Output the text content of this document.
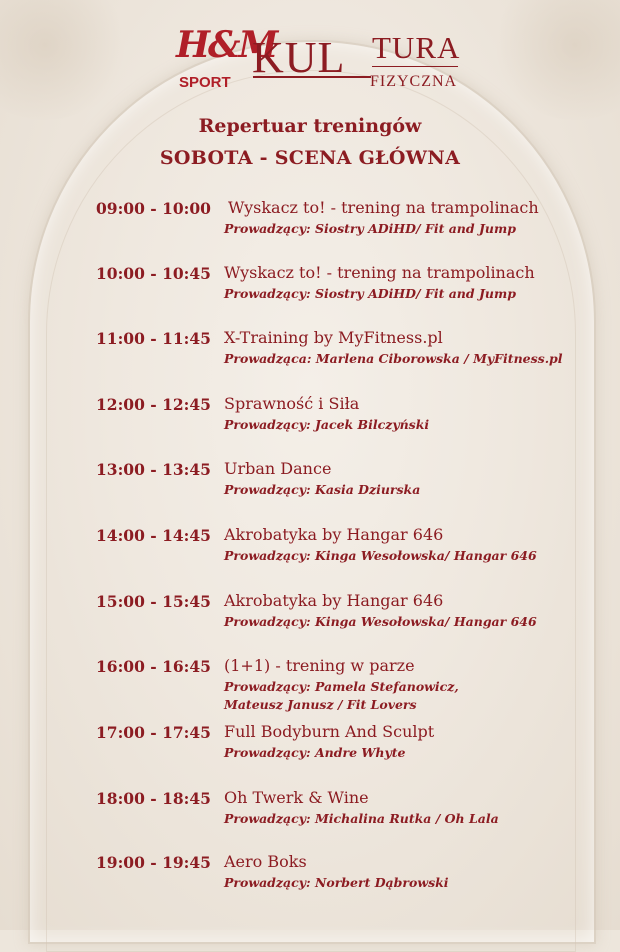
H&M
SPORT
KUL TURA
FIZYCZNA
Repertuar treningów
SOBOTA - SCENA GŁÓWNA
09:00 - 10:00 Wyskacz to! - trening na trampolinach
Prowadzący: Siostry ADiHD/ Fit and Jump
10:00 - 10:45 Wyskacz to! - trening na trampolinach
Prowadzący: Siostry ADiHD/ Fit and Jump
11:00 - 11:45 X-Training by MyFitness.pl
Prowadząca: Marlena Ciborowska / MyFitness.pl
12:00 - 12:45 Sprawność i Siła
Prowadzący: Jacek Bilczyński
13:00 - 13:45 Urban Dance
Prowadzący: Kasia Dziurska
14:00 - 14:45 Akrobatyka by Hangar 646
Prowadzący: Kinga Wesołowska/ Hangar 646
15:00 - 15:45 Akrobatyka by Hangar 646
Prowadzący: Kinga Wesołowska/ Hangar 646
16:00 - 16:45 (1+1) - trening w parze
Prowadzący: Pamela Stefanowicz,
Mateusz Janusz / Fit Lovers
17:00 - 17:45 Full Bodyburn And Sculpt
Prowadzący: Andre Whyte
18:00 - 18:45 Oh Twerk & Wine
Prowadzący: Michalina Rutka / Oh Lala
19:00 - 19:45 Aero Boks
Prowadzący: Norbert Dąbrowski
